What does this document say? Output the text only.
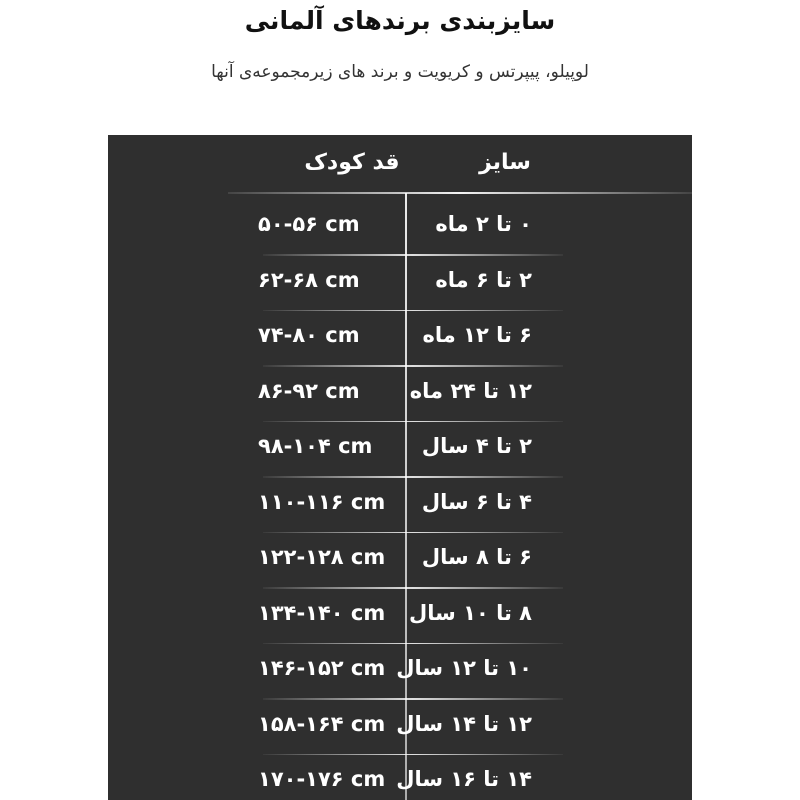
سایزبندی برندهای آلمانی
لوپیلو، پیپرتس و کریویت و برند های زیرمجموعه‌ی آنها
سایز
قد کودک
۰ تا ۲ ماه
۵۰-۵۶ cm
۲ تا ۶ ماه
۶۲-۶۸ cm
۶ تا ۱۲ ماه
۷۴-۸۰ cm
۱۲ تا ۲۴ ماه
۸۶-۹۲ cm
۲ تا ۴ سال
۹۸-۱۰۴ cm
۴ تا ۶ سال
۱۱۰-۱۱۶ cm
۶ تا ۸ سال
۱۲۲-۱۲۸ cm
۸ تا ۱۰ سال
۱۳۴-۱۴۰ cm
۱۰ تا ۱۲ سال
۱۴۶-۱۵۲ cm
۱۲ تا ۱۴ سال
۱۵۸-۱۶۴ cm
۱۴ تا ۱۶ سال
۱۷۰-۱۷۶ cm
